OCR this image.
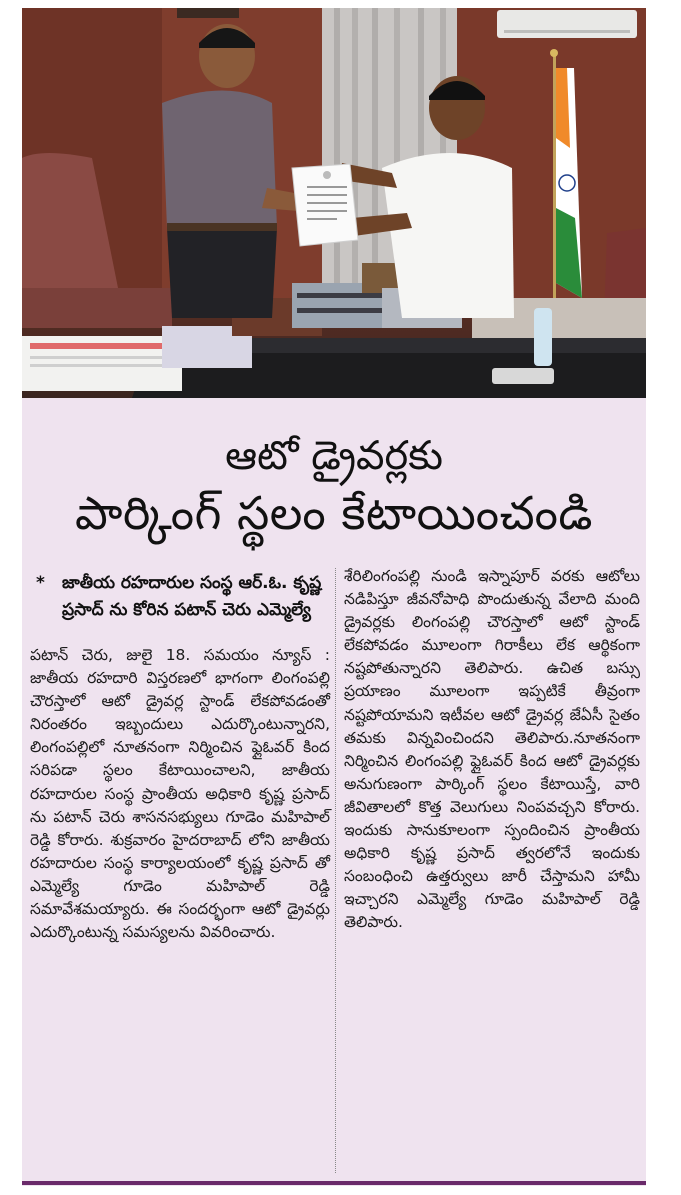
ఆటో డ్రైవర్లకు
పార్కింగ్ స్థలం కేటాయించండి
* జాతీయ రహదారుల సంస్థ ఆర్.ఓ. కృష్ణ ప్రసాద్ ను కోరిన పటాన్ చెరు ఎమ్మెల్యే

పటాన్ చెరు, జులై 18. సమయం న్యూస్ : జాతీయ రహదారి విస్తరణలో భాగంగా లింగంపల్లి చౌరస్తాలో ఆటో డ్రైవర్ల స్టాండ్ లేకపోవడంతో నిరంతరం ఇబ్బందులు ఎదుర్కొంటున్నారని, లింగంపల్లిలో నూతనంగా నిర్మించిన ఫ్లైఓవర్ కింద సరిపడా స్థలం కేటాయించాలని, జాతీయ రహదారుల సంస్థ ప్రాంతీయ అధికారి కృష్ణ ప్రసాద్ ను పటాన్ చెరు శాసనసభ్యులు గూడెం మహిపాల్ రెడ్డి కోరారు. శుక్రవారం హైదరాబాద్ లోని జాతీయ రహదారుల సంస్థ కార్యాలయంలో కృష్ణ ప్రసాద్ తో ఎమ్మెల్యే గూడెం మహిపాల్ రెడ్డి సమావేశమయ్యారు. ఈ సందర్భంగా ఆటో డ్రైవర్లు ఎదుర్కొంటున్న సమస్యలను వివరించారు.

శేరిలింగంపల్లి నుండి ఇస్నాపూర్ వరకు ఆటోలు నడిపిస్తూ జీవనోపాధి పొందుతున్న వేలాది మంది డ్రైవర్లకు లింగంపల్లి చౌరస్తాలో ఆటో స్టాండ్ లేకపోవడం మూలంగా గిరాకీలు లేక ఆర్థికంగా నష్టపోతున్నారని తెలిపారు. ఉచిత బస్సు ప్రయాణం మూలంగా ఇప్పటికే తీవ్రంగా నష్టపోయామని ఇటీవల ఆటో డ్రైవర్ల జేఏసీ సైతం తమకు విన్నవించిందని తెలిపారు.నూతనంగా నిర్మించిన లింగంపల్లి ఫ్లైఓవర్ కింద ఆటో డ్రైవర్లకు అనుగుణంగా పార్కింగ్ స్థలం కేటాయిస్తే, వారి జీవితాలలో కొత్త వెలుగులు నింపవచ్చని కోరారు. ఇందుకు సానుకూలంగా స్పందించిన ప్రాంతీయ అధికారి కృష్ణ ప్రసాద్ త్వరలోనే ఇందుకు సంబంధించి ఉత్తర్వులు జారీ చేస్తామని హామీ ఇచ్చారని ఎమ్మెల్యే గూడెం మహిపాల్ రెడ్డి తెలిపారు.
